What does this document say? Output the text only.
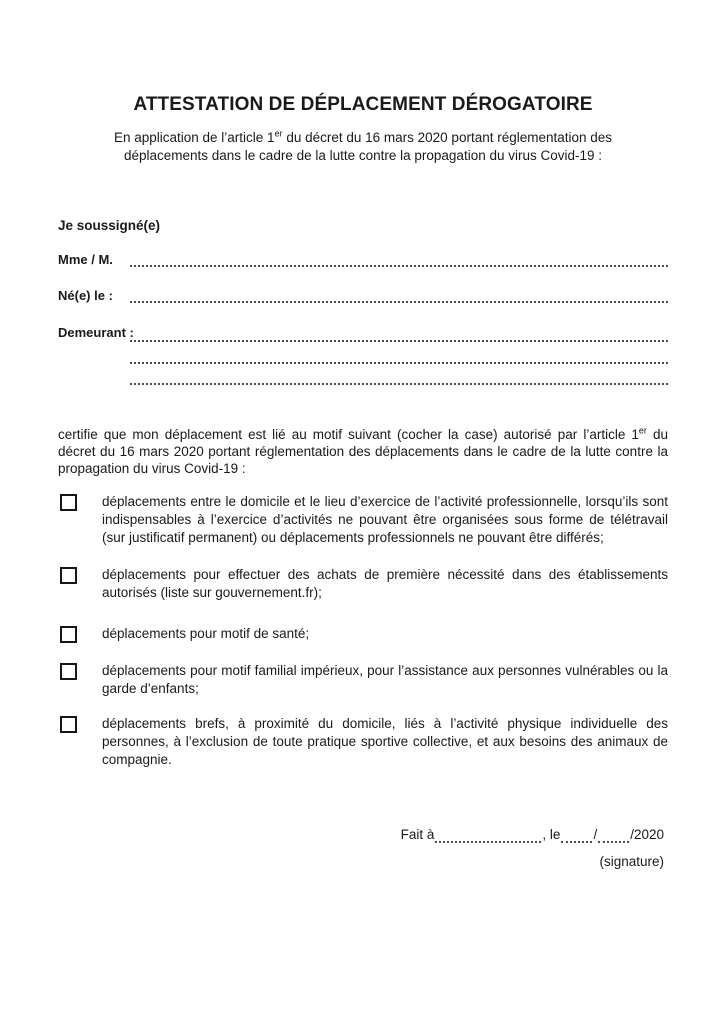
ATTESTATION DE DÉPLACEMENT DÉROGATOIRE

En application de l’article 1er du décret du 16 mars 2020 portant réglementation des déplacements dans le cadre de la lutte contre la propagation du virus Covid-19 :

Je soussigné(e)
Mme / M.
Né(e) le :
Demeurant :

certifie que mon déplacement est lié au motif suivant (cocher la case) autorisé par l’article 1er du décret du 16 mars 2020 portant réglementation des déplacements dans le cadre de la lutte contre la propagation du virus Covid-19 :

déplacements entre le domicile et le lieu d’exercice de l’activité professionnelle, lorsqu’ils sont indispensables à l’exercice d’activités ne pouvant être organisées sous forme de télétravail (sur justificatif permanent) ou déplacements professionnels ne pouvant être différés;
déplacements pour effectuer des achats de première nécessité dans des établissements autorisés (liste sur gouvernement.fr);
déplacements pour motif de santé;
déplacements pour motif familial impérieux, pour l’assistance aux personnes vulnérables ou la garde d’enfants;
déplacements brefs, à proximité du domicile, liés à l’activité physique individuelle des personnes, à l’exclusion de toute pratique sportive collective, et aux besoins des animaux de compagnie.
Fait à	, le / /2020
(signature)
